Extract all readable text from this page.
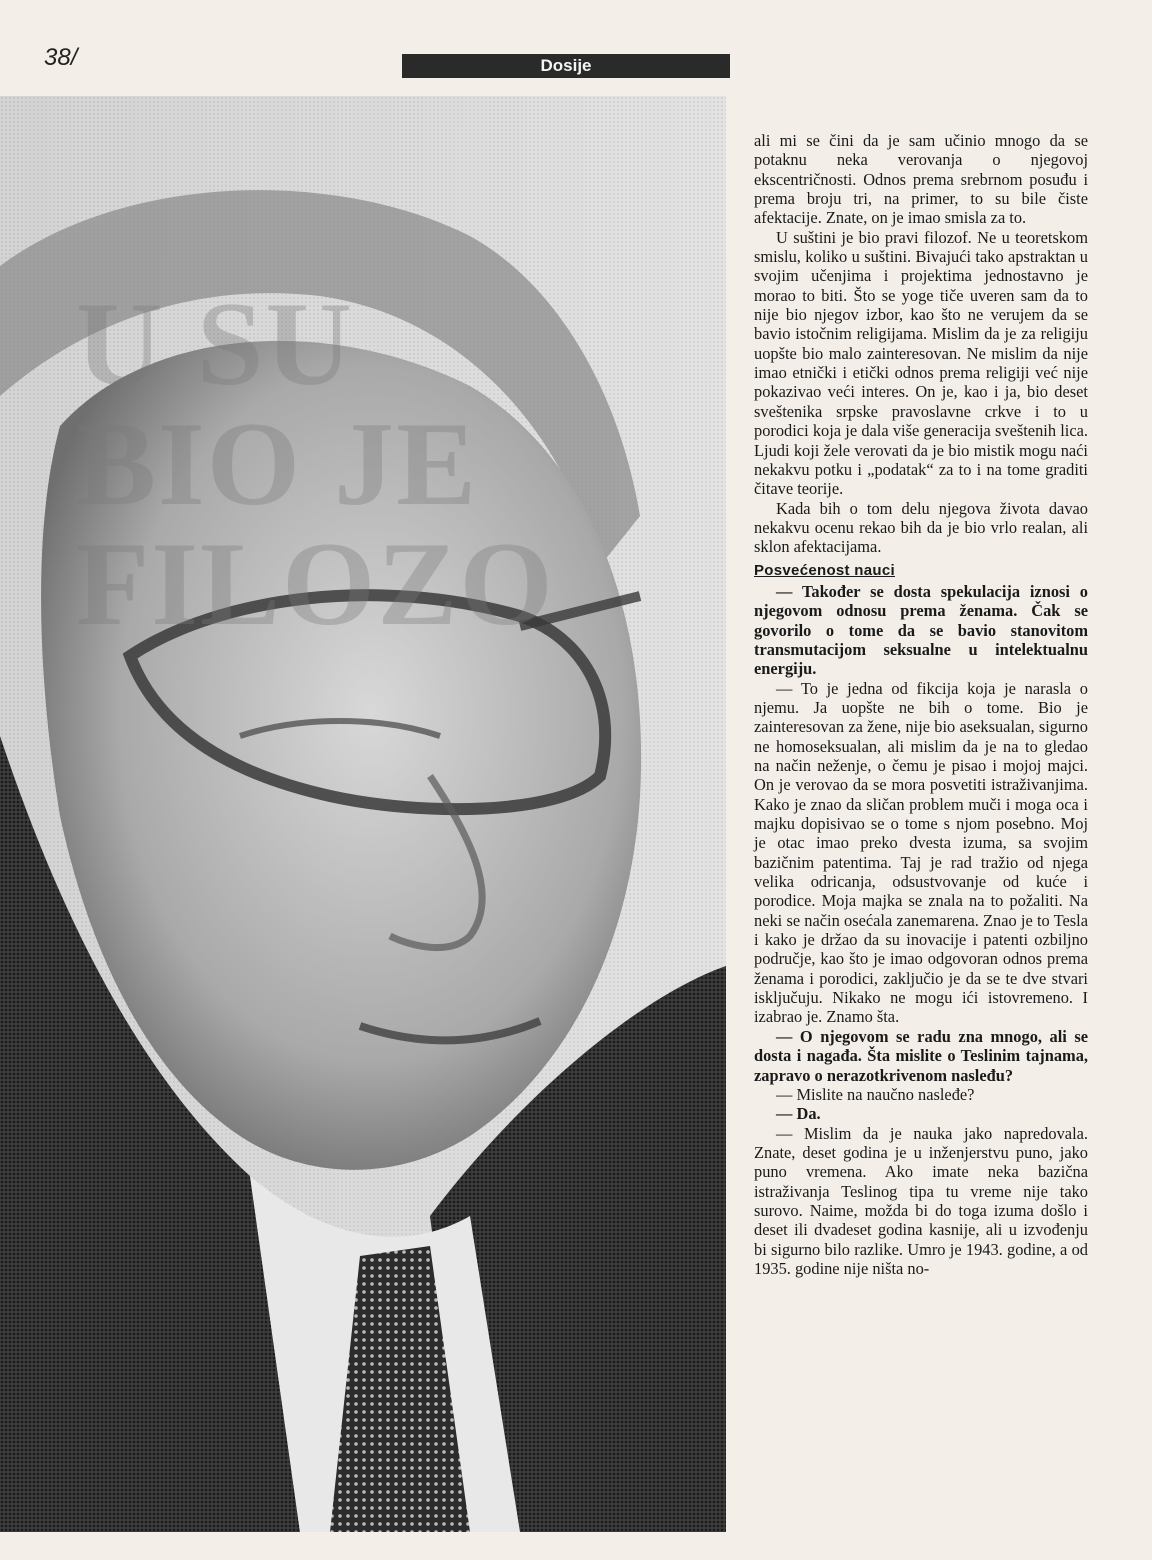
38/	Dosije
U SU
BIO JE FILOZO

ali mi se čini da je sam učinio mnogo da se potaknu neka verovanja o njegovoj ekscentričnosti. Odnos prema srebrnom posuđu i prema broju tri, na primer, to su bile čiste afektacije. Znate, on je imao smisla za to.

U suštini je bio pravi filozof. Ne u teoretskom smislu, koliko u suštini. Bivajući tako apstraktan u svojim učenjima i projektima jednostavno je morao to biti. Što se yoge tiče uveren sam da to nije bio njegov izbor, kao što ne verujem da se bavio istočnim religijama. Mislim da je za religiju uopšte bio malo zainteresovan. Ne mislim da nije imao etnički i etički odnos prema religiji već nije pokazivao veći interes. On je, kao i ja, bio deset sveštenika srpske pravoslavne crkve i to u porodici koja je dala više generacija sveštenih lica. Ljudi koji žele verovati da je bio mistik mogu naći nekakvu potku i „podatak“ za to i na tome graditi čitave teorije.

Kada bih o tom delu njegova života davao nekakvu ocenu rekao bih da je bio vrlo realan, ali sklon afektacijama.

Posvećenost nauci

— Također se dosta spekulacija iznosi o njegovom odnosu prema ženama. Čak se govorilo o tome da se bavio stanovitom transmutacijom seksualne u intelektualnu energiju.

— To je jedna od fikcija koja je narasla o njemu. Ja uopšte ne bih o tome. Bio je zainteresovan za žene, nije bio aseksualan, sigurno ne homoseksualan, ali mislim da je na to gledao na način neženje, o čemu je pisao i mojoj majci. On je verovao da se mora posvetiti istraživanjima. Kako je znao da sličan problem muči i moga oca i majku dopisivao se o tome s njom posebno. Moj je otac imao preko dvesta izuma, sa svojim bazičnim patentima. Taj je rad tražio od njega velika odricanja, odsustvovanje od kuće i porodice. Moja majka se znala na to požaliti. Na neki se način osećala zanemarena. Znao je to Tesla i kako je držao da su inovacije i patenti ozbiljno područje, kao što je imao odgovoran odnos prema ženama i porodici, zaključio je da se te dve stvari isključuju. Nikako ne mogu ići istovremeno. I izabrao je. Znamo šta.

— O njegovom se radu zna mnogo, ali se dosta i nagađa. Šta mislite o Teslinim tajnama, zapravo o nerazotkrivenom nasleđu?

— Mislite na naučno nasleđe?

— Da.

— Mislim da je nauka jako napredovala. Znate, deset godina je u inženjerstvu puno, jako puno vremena. Ako imate neka bazična istraživanja Teslinog tipa tu vreme nije tako surovo. Naime, možda bi do toga izuma došlo i deset ili dvadeset godina kasnije, ali u izvođenju bi sigurno bilo razlike. Umro je 1943. godine, a od 1935. godine nije ništa no-
